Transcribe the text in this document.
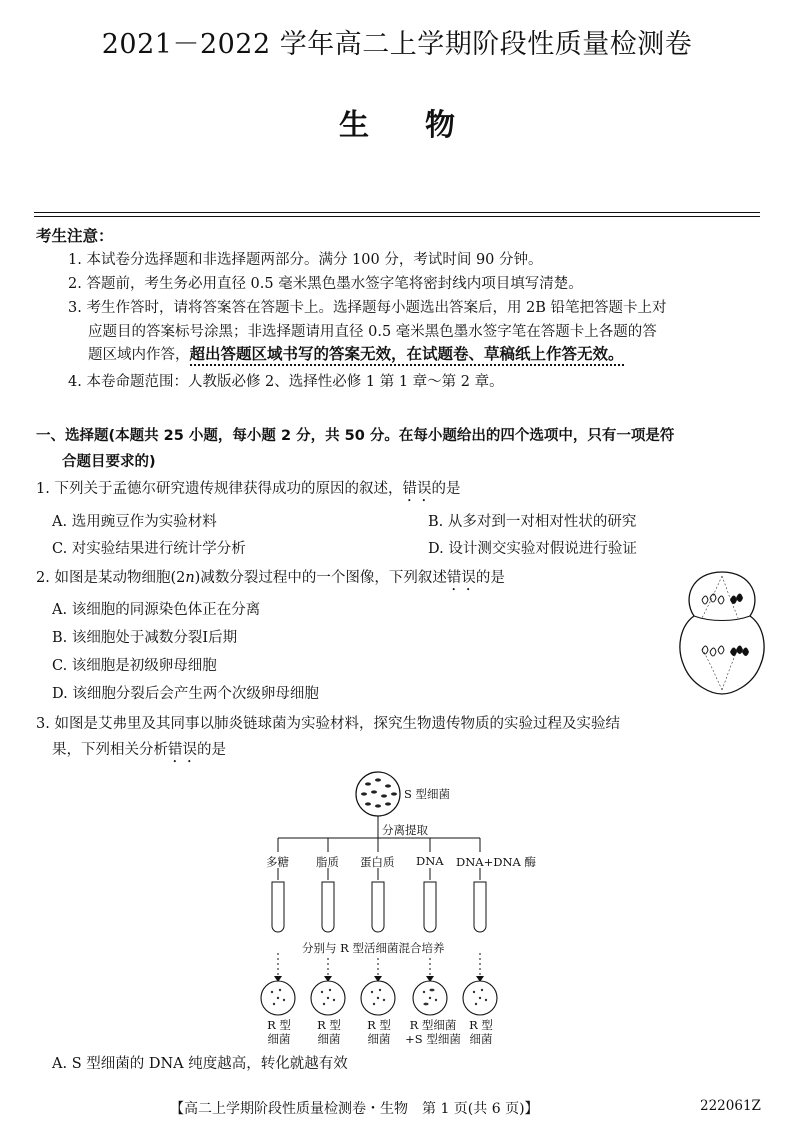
2021－2022 学年高二上学期阶段性质量检测卷
生物
考生注意：
1. 本试卷分选择题和非选择题两部分。满分 100 分，考试时间 90 分钟。
2. 答题前，考生务必用直径 0.5 毫米黑色墨水签字笔将密封线内项目填写清楚。
3. 考生作答时，请将答案答在答题卡上。选择题每小题选出答案后，用 2B 铅笔把答题卡上对
应题目的答案标号涂黑；非选择题请用直径 0.5 毫米黑色墨水签字笔在答题卡上各题的答
题区域内作答，超出答题区域书写的答案无效，在试题卷、草稿纸上作答无效。
4. 本卷命题范围：人教版必修 2、选择性必修 1 第 1 章～第 2 章。
一、选择题(本题共 25 小题，每小题 2 分，共 50 分。在每小题给出的四个选项中，只有一项是符
合题目要求的)
1. 下列关于孟德尔研究遗传规律获得成功的原因的叙述，错误的是
A. 选用豌豆作为实验材料	B. 从多对到一对相对性状的研究
C. 对实验结果进行统计学分析	D. 设计测交实验对假说进行验证
2. 如图是某动物细胞(2n)减数分裂过程中的一个图像，下列叙述错误的是
A. 该细胞的同源染色体正在分离
B. 该细胞处于减数分裂Ⅰ后期
C. 该细胞是初级卵母细胞
D. 该细胞分裂后会产生两个次级卵母细胞
3. 如图是艾弗里及其同事以肺炎链球菌为实验材料，探究生物遗传物质的实验过程及实验结
果，下列相关分析错误的是
S 型细菌
分离提取
多糖 脂质 蛋白质 DNA DNA+DNA 酶
分别与 R 型活细菌混合培养
R 型
细菌
R 型
细菌
R 型
细菌
R 型细菌
+S 型细菌
R 型
细菌
A. S 型细菌的 DNA 纯度越高，转化就越有效
【高二上学期阶段性质量检测卷・生物　第 1 页(共 6 页)】	222061Z
